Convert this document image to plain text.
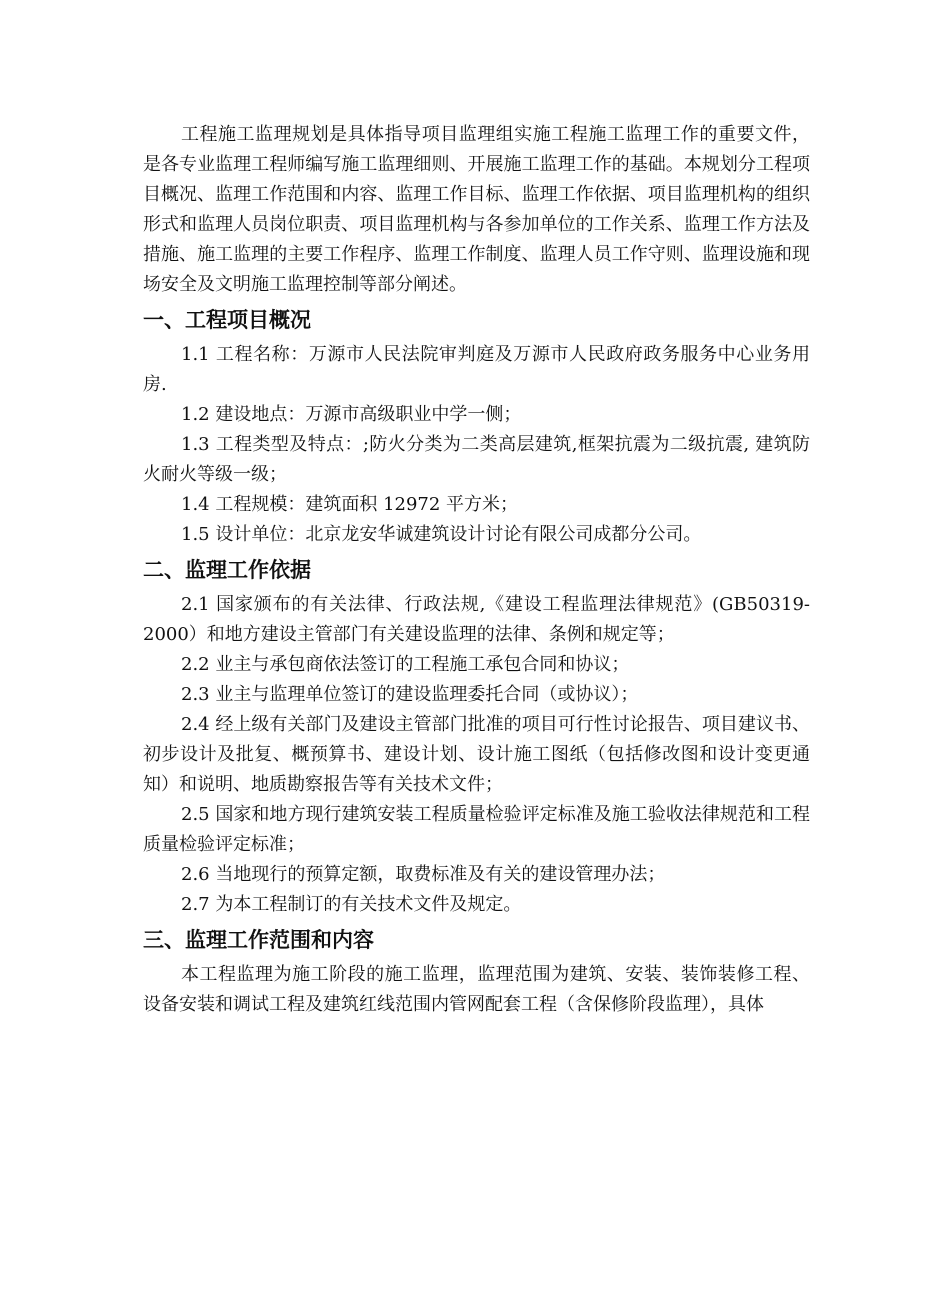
工程施工监理规划是具体指导项目监理组实施工程施工监理工作的重要文件，是各专业监理工程师编写施工监理细则、开展施工监理工作的基础。本规划分工程项目概况、监理工作范围和内容、监理工作目标、监理工作依据、项目监理机构的组织形式和监理人员岗位职责、项目监理机构与各参加单位的工作关系、监理工作方法及措施、施工监理的主要工作程序、监理工作制度、监理人员工作守则、监理设施和现场安全及文明施工监理控制等部分阐述。

一、工程项目概况

1.1 工程名称：万源市人民法院审判庭及万源市人民政府政务服务中心业务用房.

1.2 建设地点：万源市高级职业中学一侧；

1.3 工程类型及特点：;防火分类为二类高层建筑,框架抗震为二级抗震, 建筑防火耐火等级一级；

1.4 工程规模：建筑面积 12972 平方米；

1.5 设计单位：北京龙安华诚建筑设计讨论有限公司成都分公司。

二、监理工作依据

2.1 国家颁布的有关法律、行政法规,《建设工程监理法律规范》(GB50319-2000）和地方建设主管部门有关建设监理的法律、条例和规定等；

2.2 业主与承包商依法签订的工程施工承包合同和协议；

2.3 业主与监理单位签订的建设监理委托合同（或协议）；

2.4 经上级有关部门及建设主管部门批准的项目可行性讨论报告、项目建议书、初步设计及批复、概预算书、建设计划、设计施工图纸（包括修改图和设计变更通知）和说明、地质勘察报告等有关技术文件；

2.5 国家和地方现行建筑安装工程质量检验评定标准及施工验收法律规范和工程质量检验评定标准；

2.6 当地现行的预算定额，取费标准及有关的建设管理办法；

2.7 为本工程制订的有关技术文件及规定。

三、监理工作范围和内容

本工程监理为施工阶段的施工监理，监理范围为建筑、安装、装饰装修工程、设备安装和调试工程及建筑红线范围内管网配套工程（含保修阶段监理），具体
